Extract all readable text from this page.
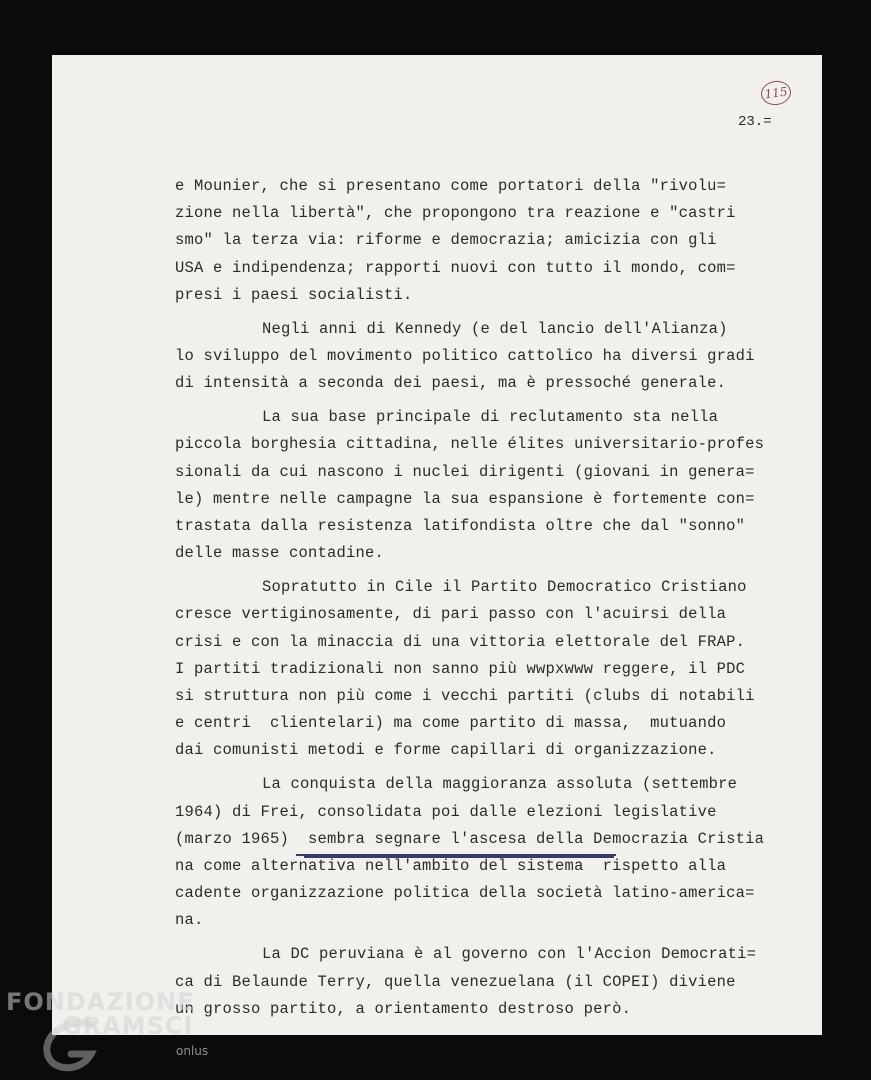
115
23.=
e Mounier, che si presentano come portatori della "rivolu=
zione nella libertà", che propongono tra reazione e "castri
smo" la terza via: riforme e democrazia; amicizia con gli
USA e indipendenza; rapporti nuovi con tutto il mondo, com=
presi i paesi socialisti.
Negli anni di Kennedy (e del lancio dell'Alianza)
lo sviluppo del movimento politico cattolico ha diversi gradi
di intensità a seconda dei paesi, ma è pressoché generale.
La sua base principale di reclutamento sta nella
piccola borghesia cittadina, nelle élites universitario-profes
sionali da cui nascono i nuclei dirigenti (giovani in genera=
le) mentre nelle campagne la sua espansione è fortemente con=
trastata dalla resistenza latifondista oltre che dal "sonno"
delle masse contadine.
Sopratutto in Cile il Partito Democratico Cristiano
cresce vertiginosamente, di pari passo con l'acuirsi della
crisi e con la minaccia di una vittoria elettorale del FRAP.
I partiti tradizionali non sanno più wwpxwww reggere, il PDC
si struttura non più come i vecchi partiti (clubs di notabili
e centri  clientelari) ma come partito di massa,  mutuando
dai comunisti metodi e forme capillari di organizzazione.
La conquista della maggioranza assoluta (settembre
1964) di Frei, consolidata poi dalle elezioni legislative
(marzo 1965)  sembra segnare l'ascesa della Democrazia Cristia
na come alternativa nell'ambito del sistema  rispetto alla
cadente organizzazione politica della società latino-america=
na.
La DC peruviana è al governo con l'Accion Democrati=
ca di Belaunde Terry, quella venezuelana (il COPEI) diviene
un grosso partito, a orientamento destroso però.
FONDAZIONE
GRAMSCI
onlus
